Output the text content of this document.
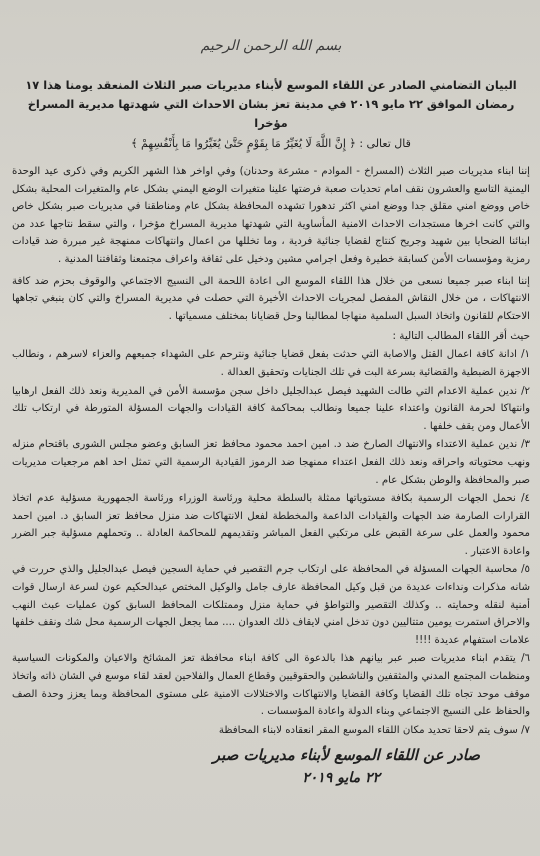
بسم الله الرحمن الرحيم
البيان التضامني الصادر عن اللقاء الموسع لأبناء مديريات صبر الثلاث المنعقد يومنا هذا ١٧ رمضان الموافق ٢٢ مايو ٢٠١٩ في مدينة تعز بشان الاحداث التي شهدتها مديرية المسراخ مؤخرا
قال تعالى : ﴿ إِنَّ اللَّهَ لَا يُغَيِّرُ مَا بِقَوْمٍ حَتَّىٰ يُغَيِّرُوا مَا بِأَنْفُسِهِمْ ﴾
إننا ابناء مديريات صبر الثلاث (المسراخ - الموادم - مشرعة وحدنان) وفي اواخر هذا الشهر الكريم وفي ذكرى عيد الوحدة اليمنية التاسع والعشرون نقف امام تحديات صعبة فرضتها علينا متغيرات الوضع اليمني بشكل عام والمتغيرات المحلية بشكل خاص ووضع امني مقلق جدا ووضع امني اكثر تدهورا تشهده المحافظة بشكل عام ومناطقنا في مديريات صبر بشكل خاص والتي كانت اخرها مستجدات الاحداث الامنية المأساوية التي شهدتها مديرية المسراخ مؤخرا ، والتي سقط نتاجها عدد من ابنائنا الضحايا بين شهيد وجريح كنتاج لقضايا جنائية فردية ، وما تخللها من اعمال وانتهاكات ممنهجة غير مبررة ضد قيادات رمزية ومؤسسات الأمن كسابقة خطيرة وفعل اجرامي مشين ودخيل على ثقافة واعراف مجتمعنا وثقافتنا المدنية .
إننا ابناء صبر جميعا نسعى من خلال هذا اللقاء الموسع الى اعادة اللحمة الى النسيج الاجتماعي والوقوف بحزم ضد كافة الانتهاكات ، من خلال النقاش المفصل لمجريات الاحداث الأخيرة التي حصلت في مديرية المسراخ والتي كان ينبغي تجاهها الاحتكام للقانون واتخاذ السبل السلمية منهاجا لمطالبنا وحل قضايانا بمختلف مسمياتها .
حيث أقر اللقاء المطالب التالية :
١/ ادانة كافة اعمال القتل والاصابة التي حدثت بفعل قضايا جنائية ونترحم على الشهداء جميعهم والعزاء لاسرهم ، ونطالب الاجهزة الضبطية والقضائية بسرعة البت في تلك الجنايات وتحقيق العدالة .
٢/ ندين عملية الاعدام التي طالت الشهيد فيصل عبدالجليل داخل سجن مؤسسة الأمن في المديرية ونعد ذلك الفعل ارهابيا وانتهاكا لحرمة القانون واعتداء علينا جميعا ونطالب بمحاكمة كافة القيادات والجهات المسؤلة المتورطة في ارتكاب تلك الأعمال ومن يقف خلفها .
٣/ ندين عملية الاعتداء والانتهاك الصارخ ضد د. امين احمد محمود محافظ تعز السابق وعضو مجلس الشورى باقتحام منزله ونهب محتوياته واحراقه ونعد ذلك الفعل اعتداء ممنهجا ضد الرموز القيادية الرسمية التي تمثل احد اهم مرجعيات مديريات صبر والمحافظة والوطن بشكل عام .
٤/ نحمل الجهات الرسمية بكافة مستوياتها ممثلة بالسلطة محلية ورئاسة الوزراء ورئاسة الجمهورية مسؤلية عدم اتخاذ القرارات الصارمة ضد الجهات والقيادات الداعمة والمخططة لفعل الانتهاكات ضد منزل محافظ تعز السابق د. امين احمد محمود والعمل على سرعة القبض على مرتكبي الفعل المباشر وتقديمهم للمحاكمة العادلة .. وتحملهم مسؤلية جبر الضرر واعادة الاعتبار .
٥/ محاسبة الجهات المسؤلة في المحافظة على ارتكاب جرم التقصير في حماية السجين فيصل عبدالجليل والذي حررت في شانه مذكرات ونداءات عديدة من قبل وكيل المحافظة عارف جامل والوكيل المختص عبدالحكيم عون لسرعة ارسال قوات أمنية لنقله وحمايته .. وكذلك التقصير والتواطؤ في حماية منزل وممتلكات المحافظ السابق كون عمليات عبث النهب والاحراق استمرت يومين متتاليين دون تدخل امني لايقاف ذلك العدوان .... مما يجعل الجهات الرسمية محل شك ونقف خلفها علامات استفهام عديدة !!!!
٦/ يتقدم ابناء مديريات صبر عبر بيانهم هذا بالدعوة الى كافة ابناء محافظة تعز المشائخ والاعيان والمكونات السياسية ومنظمات المجتمع المدني والمثقفين والناشطين والحقوقيين وقطاع العمال والفلاحين لعقد لقاء موسع في الشان ذاته واتخاذ موقف موحد تجاه تلك القضايا وكافة القضايا والانتهاكات والاختلالات الامنية على مستوى المحافظة وبما يعزز وحدة الصف والحفاظ على النسيج الاجتماعي وبناء الدولة واعادة المؤسسات .
٧/ سوف يتم لاحقا تحديد مكان اللقاء الموسع المقر انعقاده لابناء المحافظة
صادر عن اللقاء الموسع لأبناء مديريات صبر
٢٢ مايو ٢٠١٩
